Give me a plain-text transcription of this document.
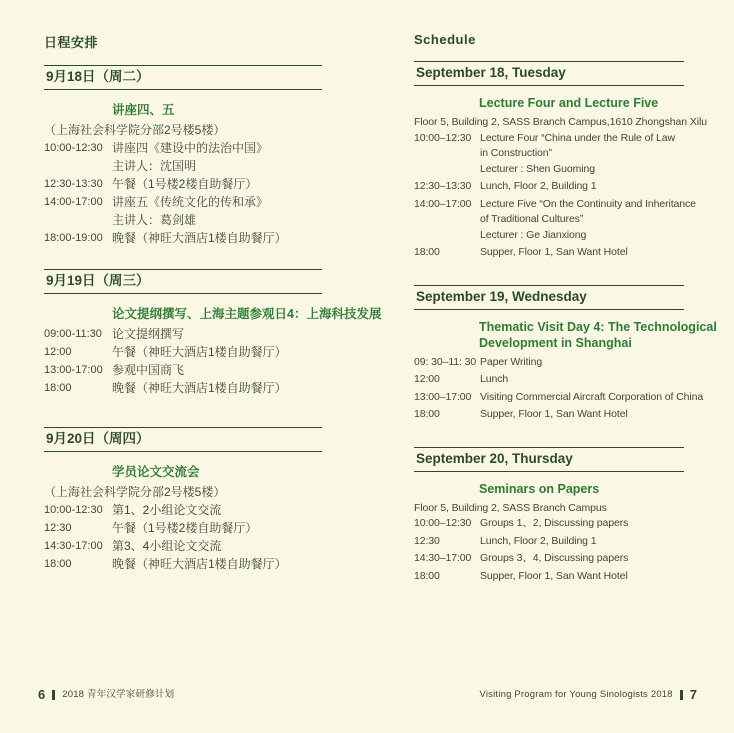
日程安排
9月18日（周二）
讲座四、五
（上海社会科学院分部2号楼5楼）
10:00-12:30 讲座四《建设中的法治中国》
主讲人：沈国明
12:30-13:30 午餐（1号楼2楼自助餐厅）
14:00-17:00 讲座五《传统文化的传和承》
主讲人：葛剑雄
18:00-19:00 晚餐（神旺大酒店1楼自助餐厅）
9月19日（周三）
论文提纲撰写、上海主题参观日4：上海科技发展
09:00-11:30 论文提纲撰写
12:00	午餐（神旺大酒店1楼自助餐厅）
13:00-17:00 参观中国商飞
18:00	晚餐（神旺大酒店1楼自助餐厅）
9月20日（周四）
学员论文交流会
（上海社会科学院分部2号楼5楼）
10:00-12:30 第1、2小组论文交流
12:30	午餐（1号楼2楼自助餐厅）
14:30-17:00 第3、4小组论文交流
18:00	晚餐（神旺大酒店1楼自助餐厅）
Schedule
September 18, Tuesday
Lecture Four and Lecture Five
Floor 5, Building 2, SASS Branch Campus,1610 Zhongshan Xilu
10:00–12:30 Lecture Four “China under the Rule of Law
in Construction”
Lecturer : Shen Guoming
12:30–13:30 Lunch, Floor 2, Building 1
14:00–17:00 Lecture Five “On the Continuity and Inheritance
of Traditional Cultures”
Lecturer : Ge Jianxiong
18:00	Supper, Floor 1, San Want Hotel
September 19, Wednesday
Thematic Visit Day 4: The Technological
Development in Shanghai
09: 30–11: 30 Paper Writing
12:00	Lunch
13:00–17:00 Visiting Commercial Aircraft Corporation of China
18:00	Supper, Floor 1, San Want Hotel
September 20, Thursday
Seminars on Papers
Floor 5, Building 2, SASS Branch Campus
10:00–12:30 Groups 1、2, Discussing papers
12:30	Lunch, Floor 2, Building 1
14:30–17:00 Groups 3、4, Discussing papers
18:00	Supper, Floor 1, San Want Hotel
6 2018 青年汉学家研修计划	Visiting Program for Young Sinologists 2018 7
